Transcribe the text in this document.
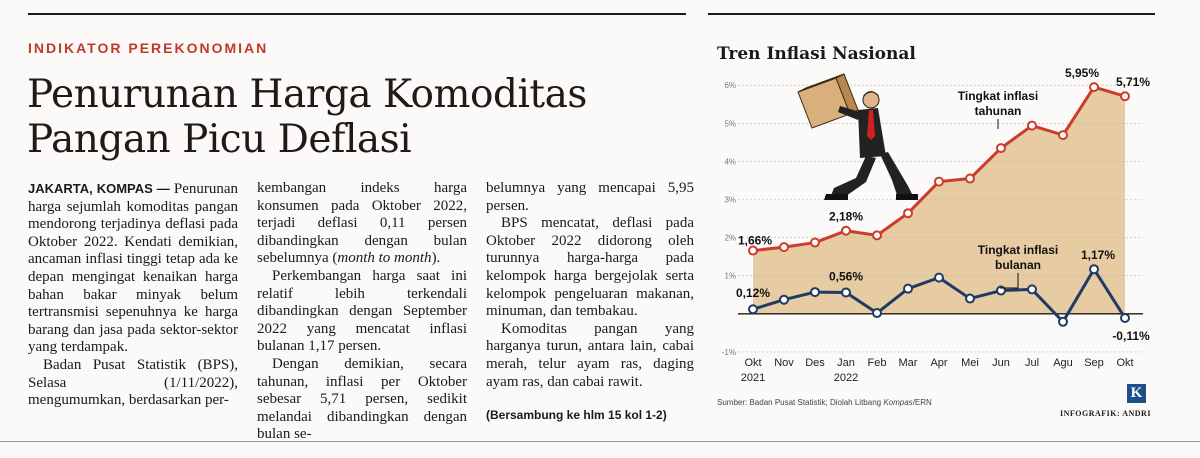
INDIKATOR PEREKONOMIAN
Penurunan Harga Komoditas
Pangan Picu Deflasi

JAKARTA, KOMPAS — Penurunan harga sejumlah komoditas pangan mendorong terjadinya deflasi pada Oktober 2022. Kendati demikian, ancaman inflasi tinggi tetap ada ke depan mengingat kenaikan harga bahan bakar minyak belum tertransmisi sepenuhnya ke harga barang dan jasa pada sektor-sektor yang terdampak.

Badan Pusat Statistik (BPS), Selasa (1/11/2022), mengumumkan, berdasarkan per-

kembangan indeks harga konsumen pada Oktober 2022, terjadi deflasi 0,11 persen dibandingkan dengan bulan sebelumnya (month to month).

Perkembangan harga saat ini relatif lebih terkendali dibandingkan dengan September 2022 yang mencatat inflasi bulanan 1,17 persen.

Dengan demikian, secara tahunan, inflasi per Oktober sebesar 5,71 persen, sedikit melandai dibandingkan dengan bulan se-

belumnya yang mencapai 5,95 persen.

BPS mencatat, deflasi pada Oktober 2022 didorong oleh turunnya harga-harga pada kelompok harga bergejolak serta kelompok pengeluaran makanan, minuman, dan tembakau.

Komoditas pangan yang harganya turun, antara lain, cabai merah, telur ayam ras, daging ayam ras, dan cabai rawit.

(Bersambung ke hlm 15 kol 1-2)
Tren Inflasi Nasional
6%
5%
4%
3%
2%
1%
-1%
Okt Nov Des Jan Feb Mar Apr Mei Jun Jul Agu Sep Okt
2021	2022
1,66%
2,18%
5,95%
5,71%
0,12%
0,56%
1,17%
-0,11%
Tingkat inflasi
tahunan
Tingkat inflasi
bulanan
Sumber: Badan Pusat Statistik; Diolah Litbang Kompas/ERN
K
INFOGRAFIK: ANDRI
